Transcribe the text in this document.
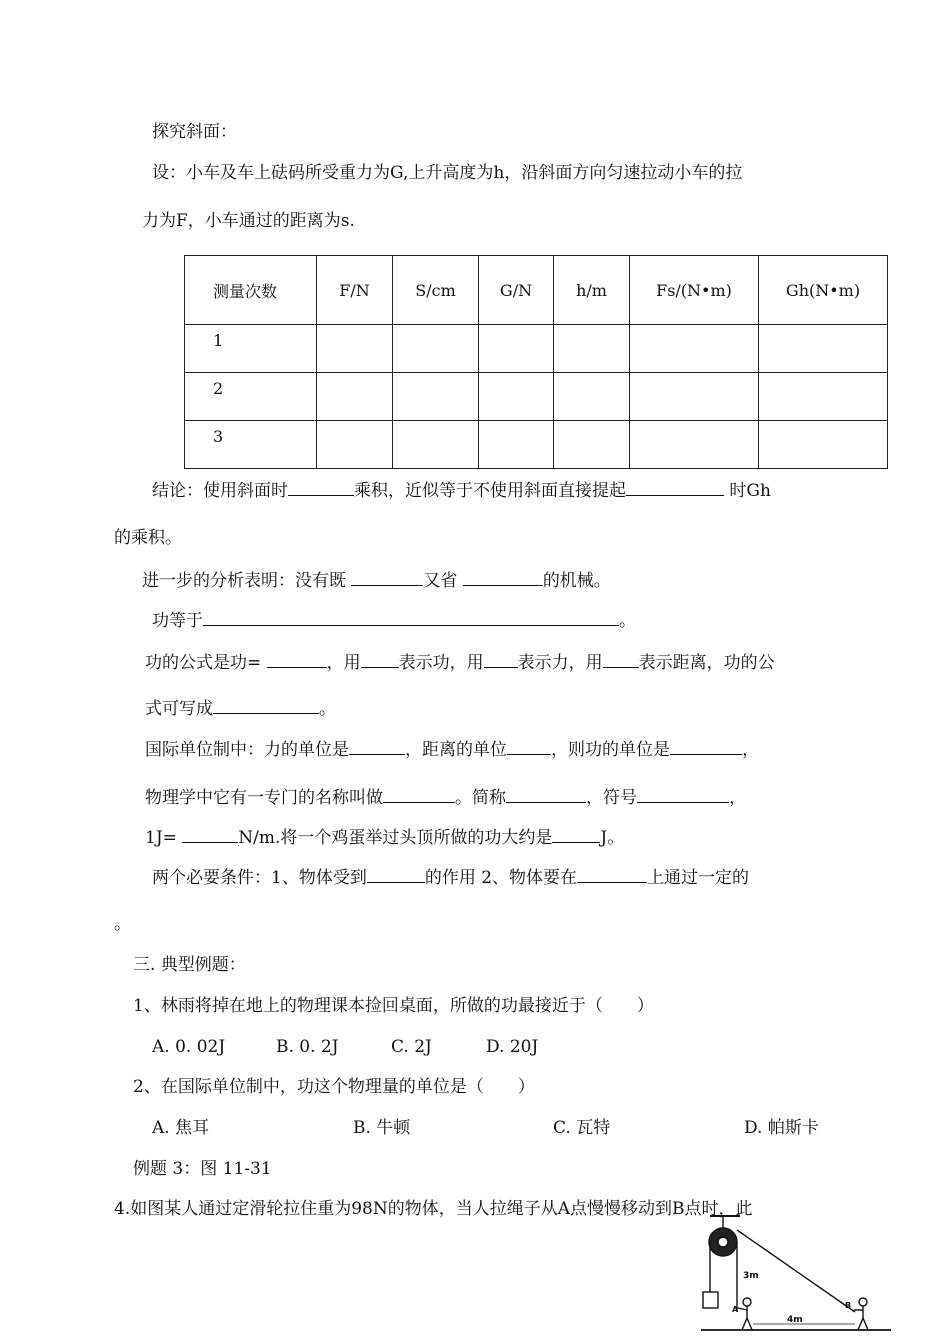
探究斜面：
设：小车及车上砝码所受重力为G,上升高度为h，沿斜面方向匀速拉动小车的拉
力为F，小车通过的距离为s.
测量次数	F/N	S/cm	G/N	h/m	Fs/(N•m)	Gh(N•m)
1						
2						
3						
结论：使用斜面时	乘积，近似等于不使用斜面直接提起	时Gh
的乘积。
进一步的分析表明：没有既	又省	的机械。
功等于	。
功的公式是功=	，用 表示功，用 表示力，用 表示距离，功的公
式可写成	。
国际单位制中：力的单位是	，距离的单位	，则功的单位是	，
物理学中它有一专门的名称叫做	。简称	，符号	，
1J=	N/m.将一个鸡蛋举过头顶所做的功大约是	J。
两个必要条件：1、物体受到	的作用 2、物体要在	上通过一定的
。
三. 典型例题：
1、林雨将掉在地上的物理课本捡回桌面，所做的功最接近于（　　）
A. 0. 02J	B. 0. 2J	C. 2J	D. 20J
2、在国际单位制中，功这个物理量的单位是（　　）
A. 焦耳	B. 牛顿	C. 瓦特	D. 帕斯卡
例题 3：图 11-31
4.如图某人通过定滑轮拉住重为98N的物体，当人拉绳子从A点慢慢移动到B点时，此
3m
4m
A	B
